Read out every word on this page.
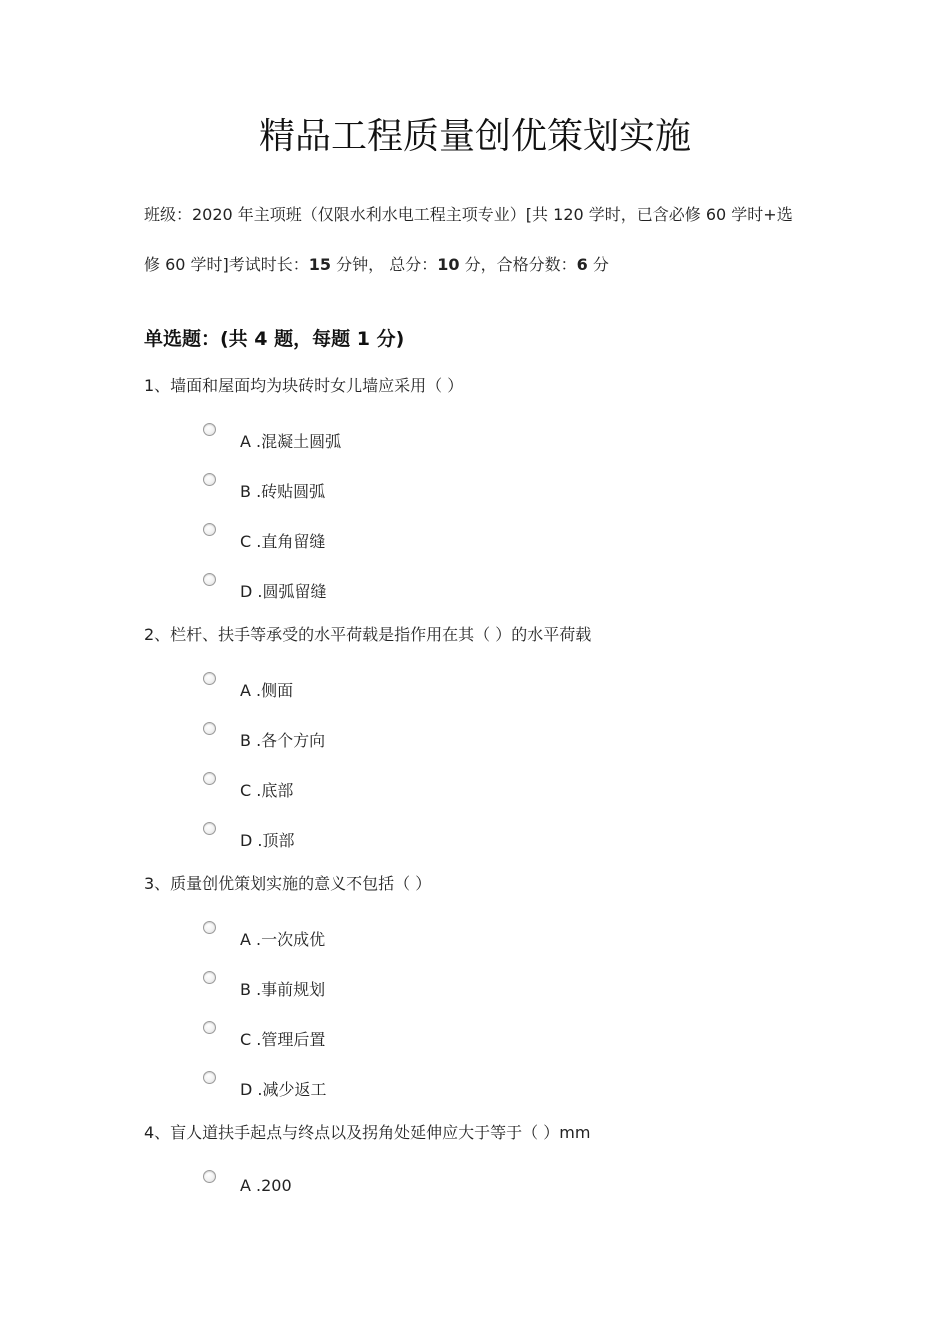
精品工程质量创优策划实施
班级：2020 年主项班（仅限水利水电工程主项专业）[共 120 学时，已含必修 60 学时+选
修 60 学时]考试时长：15 分钟， 总分：10 分，合格分数：6 分
单选题：(共 4 题，每题 1 分)
1、墙面和屋面均为块砖时女儿墙应采用（ ）
A .混凝土圆弧
B .砖贴圆弧
C .直角留缝
D .圆弧留缝
2、栏杆、扶手等承受的水平荷载是指作用在其（ ）的水平荷载
A .侧面
B .各个方向
C .底部
D .顶部
3、质量创优策划实施的意义不包括（ ）
A .一次成优
B .事前规划
C .管理后置
D .减少返工
4、盲人道扶手起点与终点以及拐角处延伸应大于等于（ ）mm
A .200
